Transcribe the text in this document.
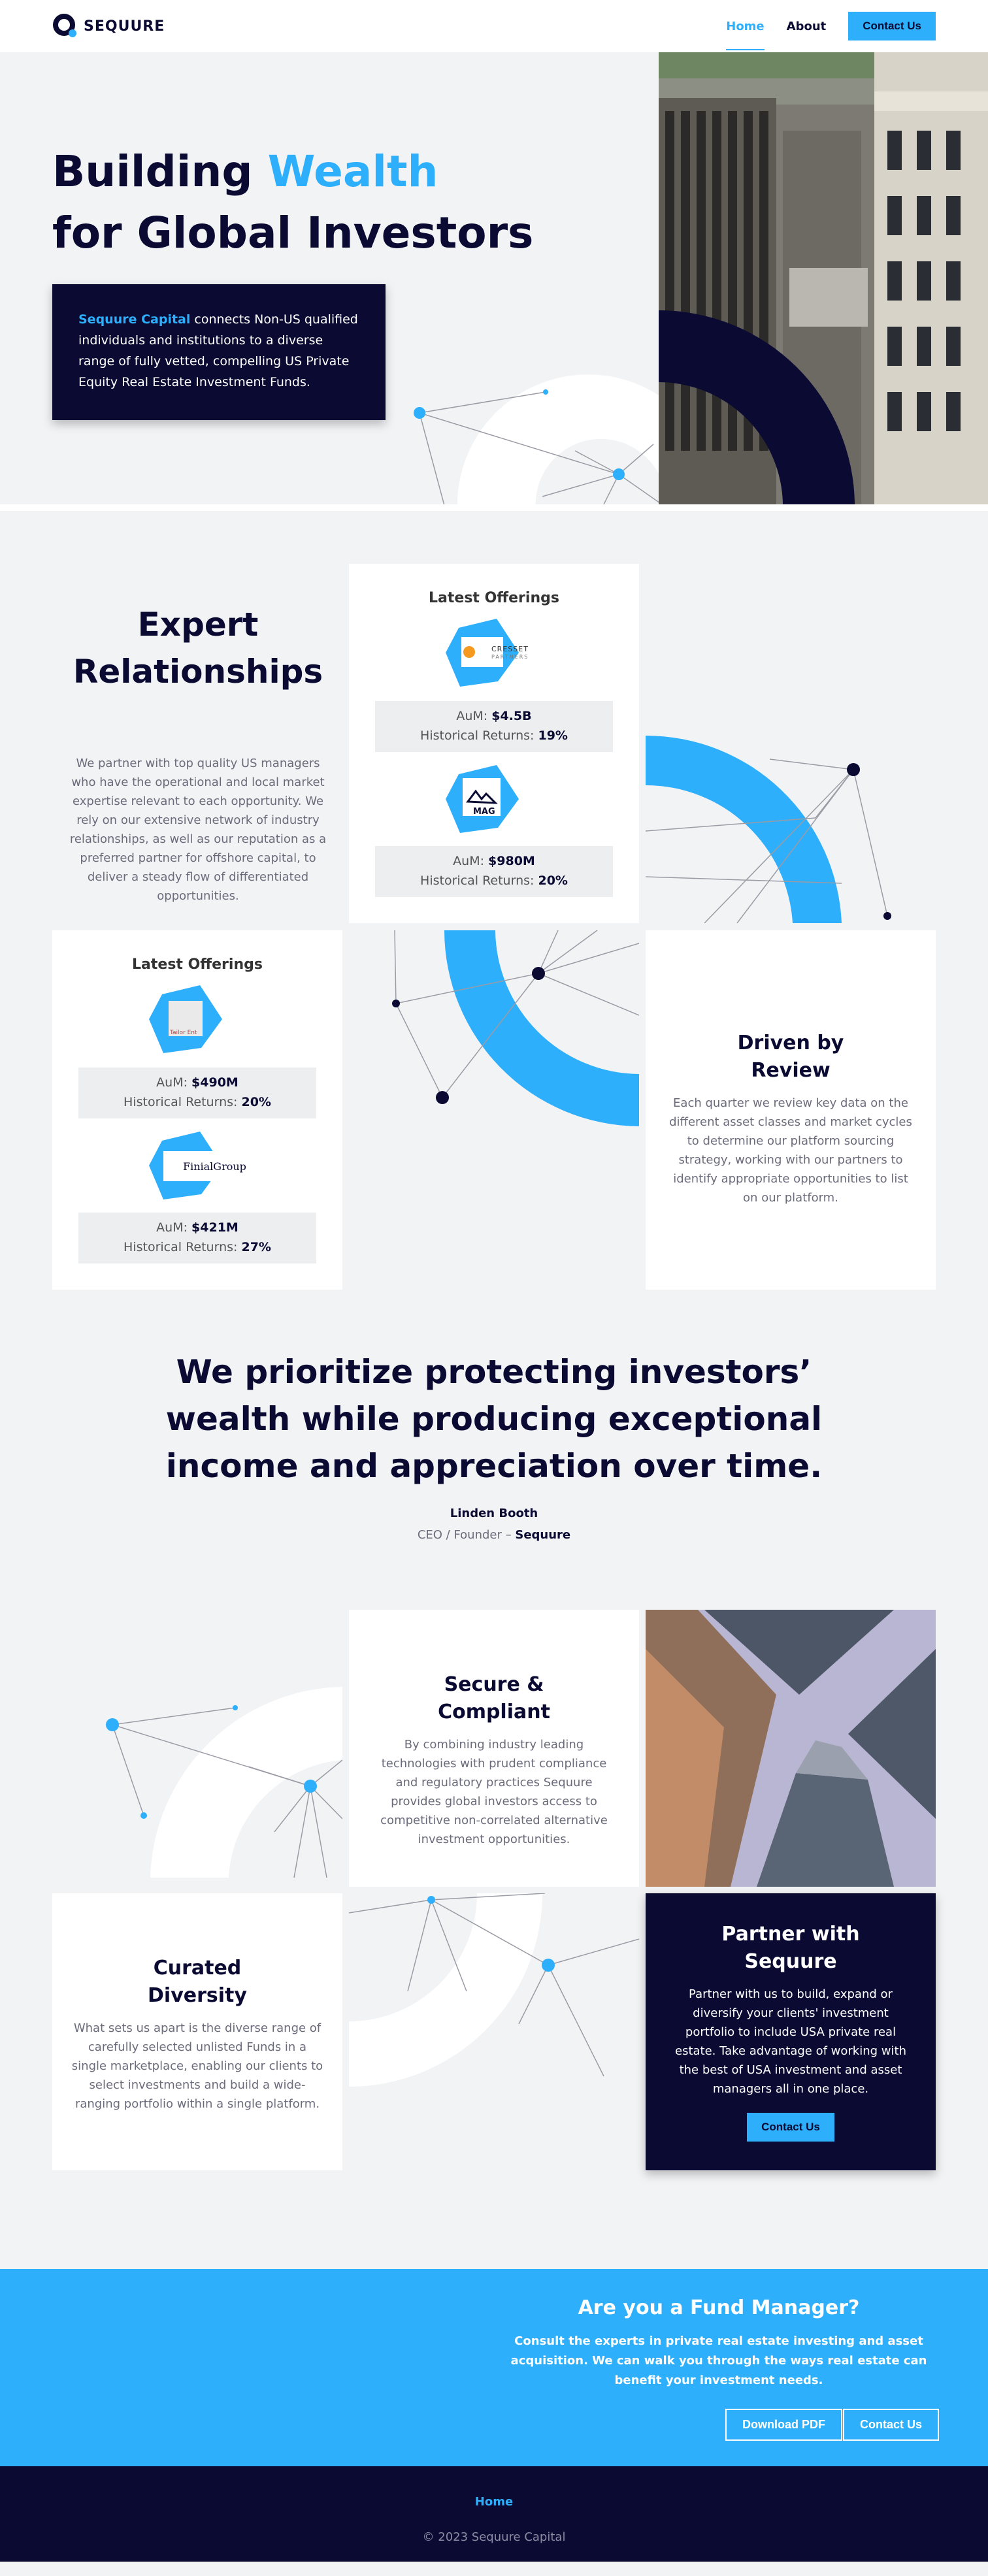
SEQUURE	Home About	Contact Us
Building Wealth
for Global Investors
Sequure Capital connects Non-US qualified individuals and institutions to a diverse range of fully vetted, compelling US Private Equity Real Estate Investment Funds.
Expert
Relationships

We partner with top quality US managers who have the operational and local market expertise relevant to each opportunity. We rely on our extensive network of industry relationships, as well as our reputation as a preferred partner for offshore capital, to deliver a steady flow of differentiated opportunities.

Latest Offerings
CRESSET
PARTNERS
AuM: $4.5B
Historical Returns: 19%
MAG
AuM: $980M
Historical Returns: 20%
Latest Offerings
Tailor Ent
AuM: $490M
Historical Returns: 20%
FinialGroup
AuM: $421M
Historical Returns: 27%
Driven by
Review

Each quarter we review key data on the different asset classes and market cycles to determine our platform sourcing strategy, working with our partners to identify appropriate opportunities to list on our platform.

We prioritize protecting investors’
wealth while producing exceptional
income and appreciation over time.
Linden Booth
CEO / Founder – Sequure
Secure &
Compliant

By combining industry leading technologies with prudent compliance and regulatory practices Sequure provides global investors access to competitive non-correlated alternative investment opportunities.

Curated
Diversity

What sets us apart is the diverse range of carefully selected unlisted Funds in a single marketplace, enabling our clients to select investments and build a wide-ranging portfolio within a single platform.

Partner with
Sequure

Partner with us to build, expand or diversify your clients' investment portfolio to include USA private real estate. Take advantage of working with the best of USA investment and asset managers all in one place.

Contact Us
Are you a Fund Manager?

Consult the experts in private real estate investing and asset acquisition. We can walk you through the ways real estate can benefit your investment needs.

Download PDF	Contact Us
Home
© 2023 Sequure Capital
